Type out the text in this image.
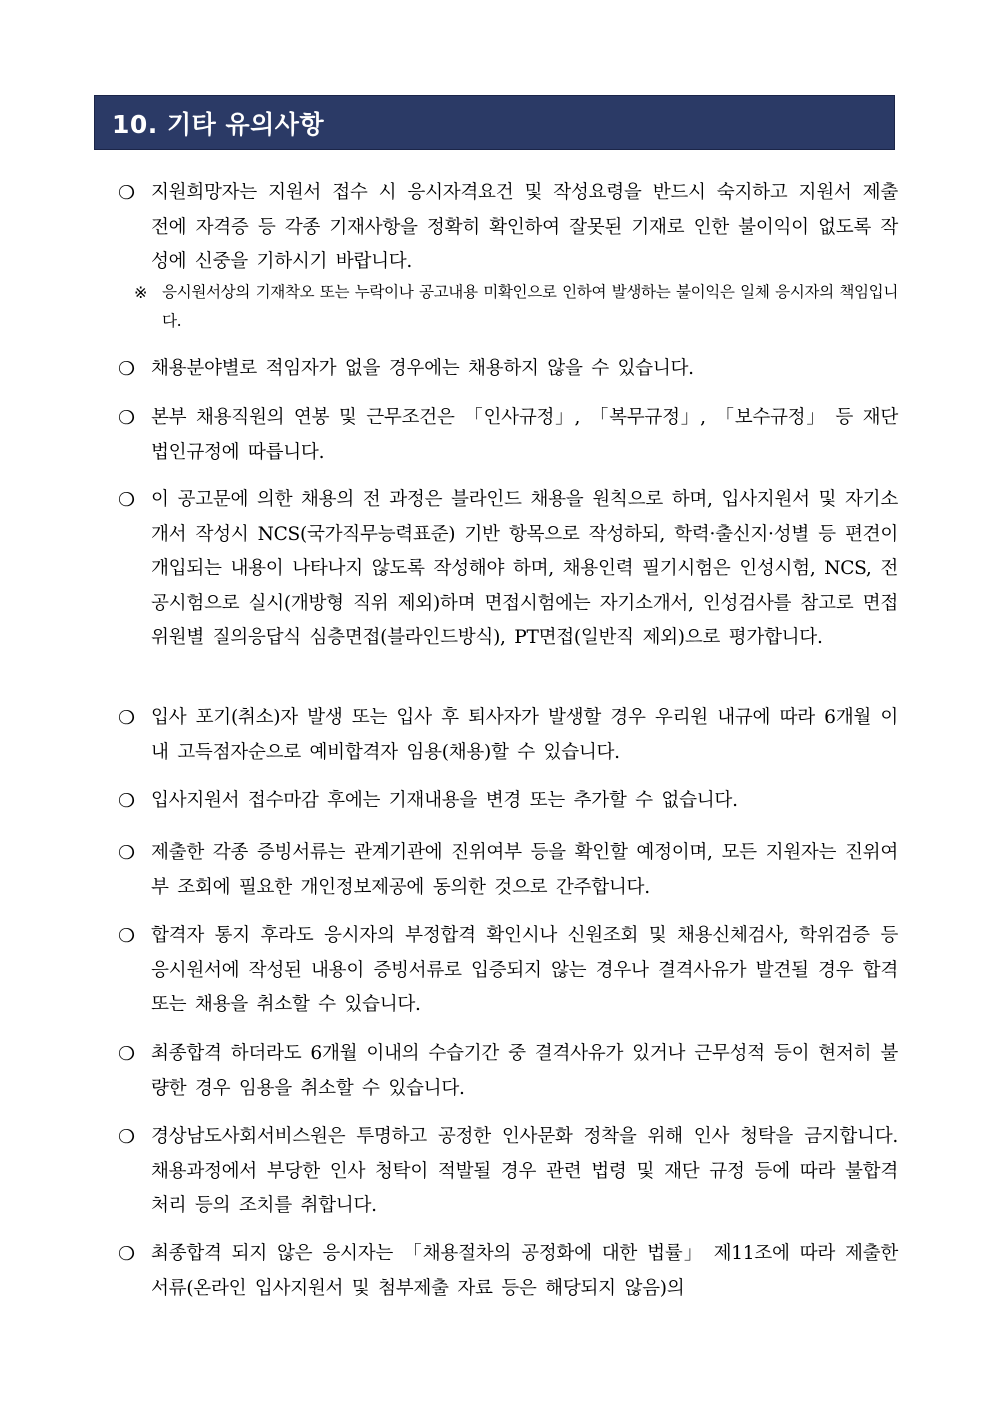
10. 기타 유의사항
❍ 지원희망자는 지원서 접수 시 응시자격요건 및 작성요령을 반드시 숙지하고 지원서 제출 전에 자격증 등 각종 기재사항을 정확히 확인하여 잘못된 기재로 인한 불이익이 없도록 작성에 신중을 기하시기 바랍니다.
※ 응시원서상의 기재착오 또는 누락이나 공고내용 미확인으로 인하여 발생하는 불이익은 일체 응시자의 책임입니다.
❍ 채용분야별로 적임자가 없을 경우에는 채용하지 않을 수 있습니다.
❍ 본부 채용직원의 연봉 및 근무조건은 「인사규정」, 「복무규정」, 「보수규정」 등 재단 법인규정에 따릅니다.
❍ 이 공고문에 의한 채용의 전 과정은 블라인드 채용을 원칙으로 하며, 입사지원서 및 자기소개서 작성시 NCS(국가직무능력표준) 기반 항목으로 작성하되, 학력·출신지·성별 등 편견이 개입되는 내용이 나타나지 않도록 작성해야 하며, 채용인력 필기시험은 인성시험, NCS, 전공시험으로 실시(개방형 직위 제외)하며 면접시험에는 자기소개서, 인성검사를 참고로 면접위원별 질의응답식 심층면접(블라인드방식), PT면접(일반직 제외)으로 평가합니다.
❍ 입사 포기(취소)자 발생 또는 입사 후 퇴사자가 발생할 경우 우리원 내규에 따라 6개월 이내 고득점자순으로 예비합격자 임용(채용)할 수 있습니다.
❍ 입사지원서 접수마감 후에는 기재내용을 변경 또는 추가할 수 없습니다.
❍ 제출한 각종 증빙서류는 관계기관에 진위여부 등을 확인할 예정이며, 모든 지원자는 진위여부 조회에 필요한 개인정보제공에 동의한 것으로 간주합니다.
❍ 합격자 통지 후라도 응시자의 부정합격 확인시나 신원조회 및 채용신체검사, 학위검증 등 응시원서에 작성된 내용이 증빙서류로 입증되지 않는 경우나 결격사유가 발견될 경우 합격 또는 채용을 취소할 수 있습니다.
❍ 최종합격 하더라도 6개월 이내의 수습기간 중 결격사유가 있거나 근무성적 등이 현저히 불량한 경우 임용을 취소할 수 있습니다.
❍ 경상남도사회서비스원은 투명하고 공정한 인사문화 정착을 위해 인사 청탁을 금지합니다. 채용과정에서 부당한 인사 청탁이 적발될 경우 관련 법령 및 재단 규정 등에 따라 불합격 처리 등의 조치를 취합니다.
❍ 최종합격 되지 않은 응시자는 「채용절차의 공정화에 대한 법률」 제11조에 따라 제출한 서류(온라인 입사지원서 및 첨부제출 자료 등은 해당되지 않음)의
